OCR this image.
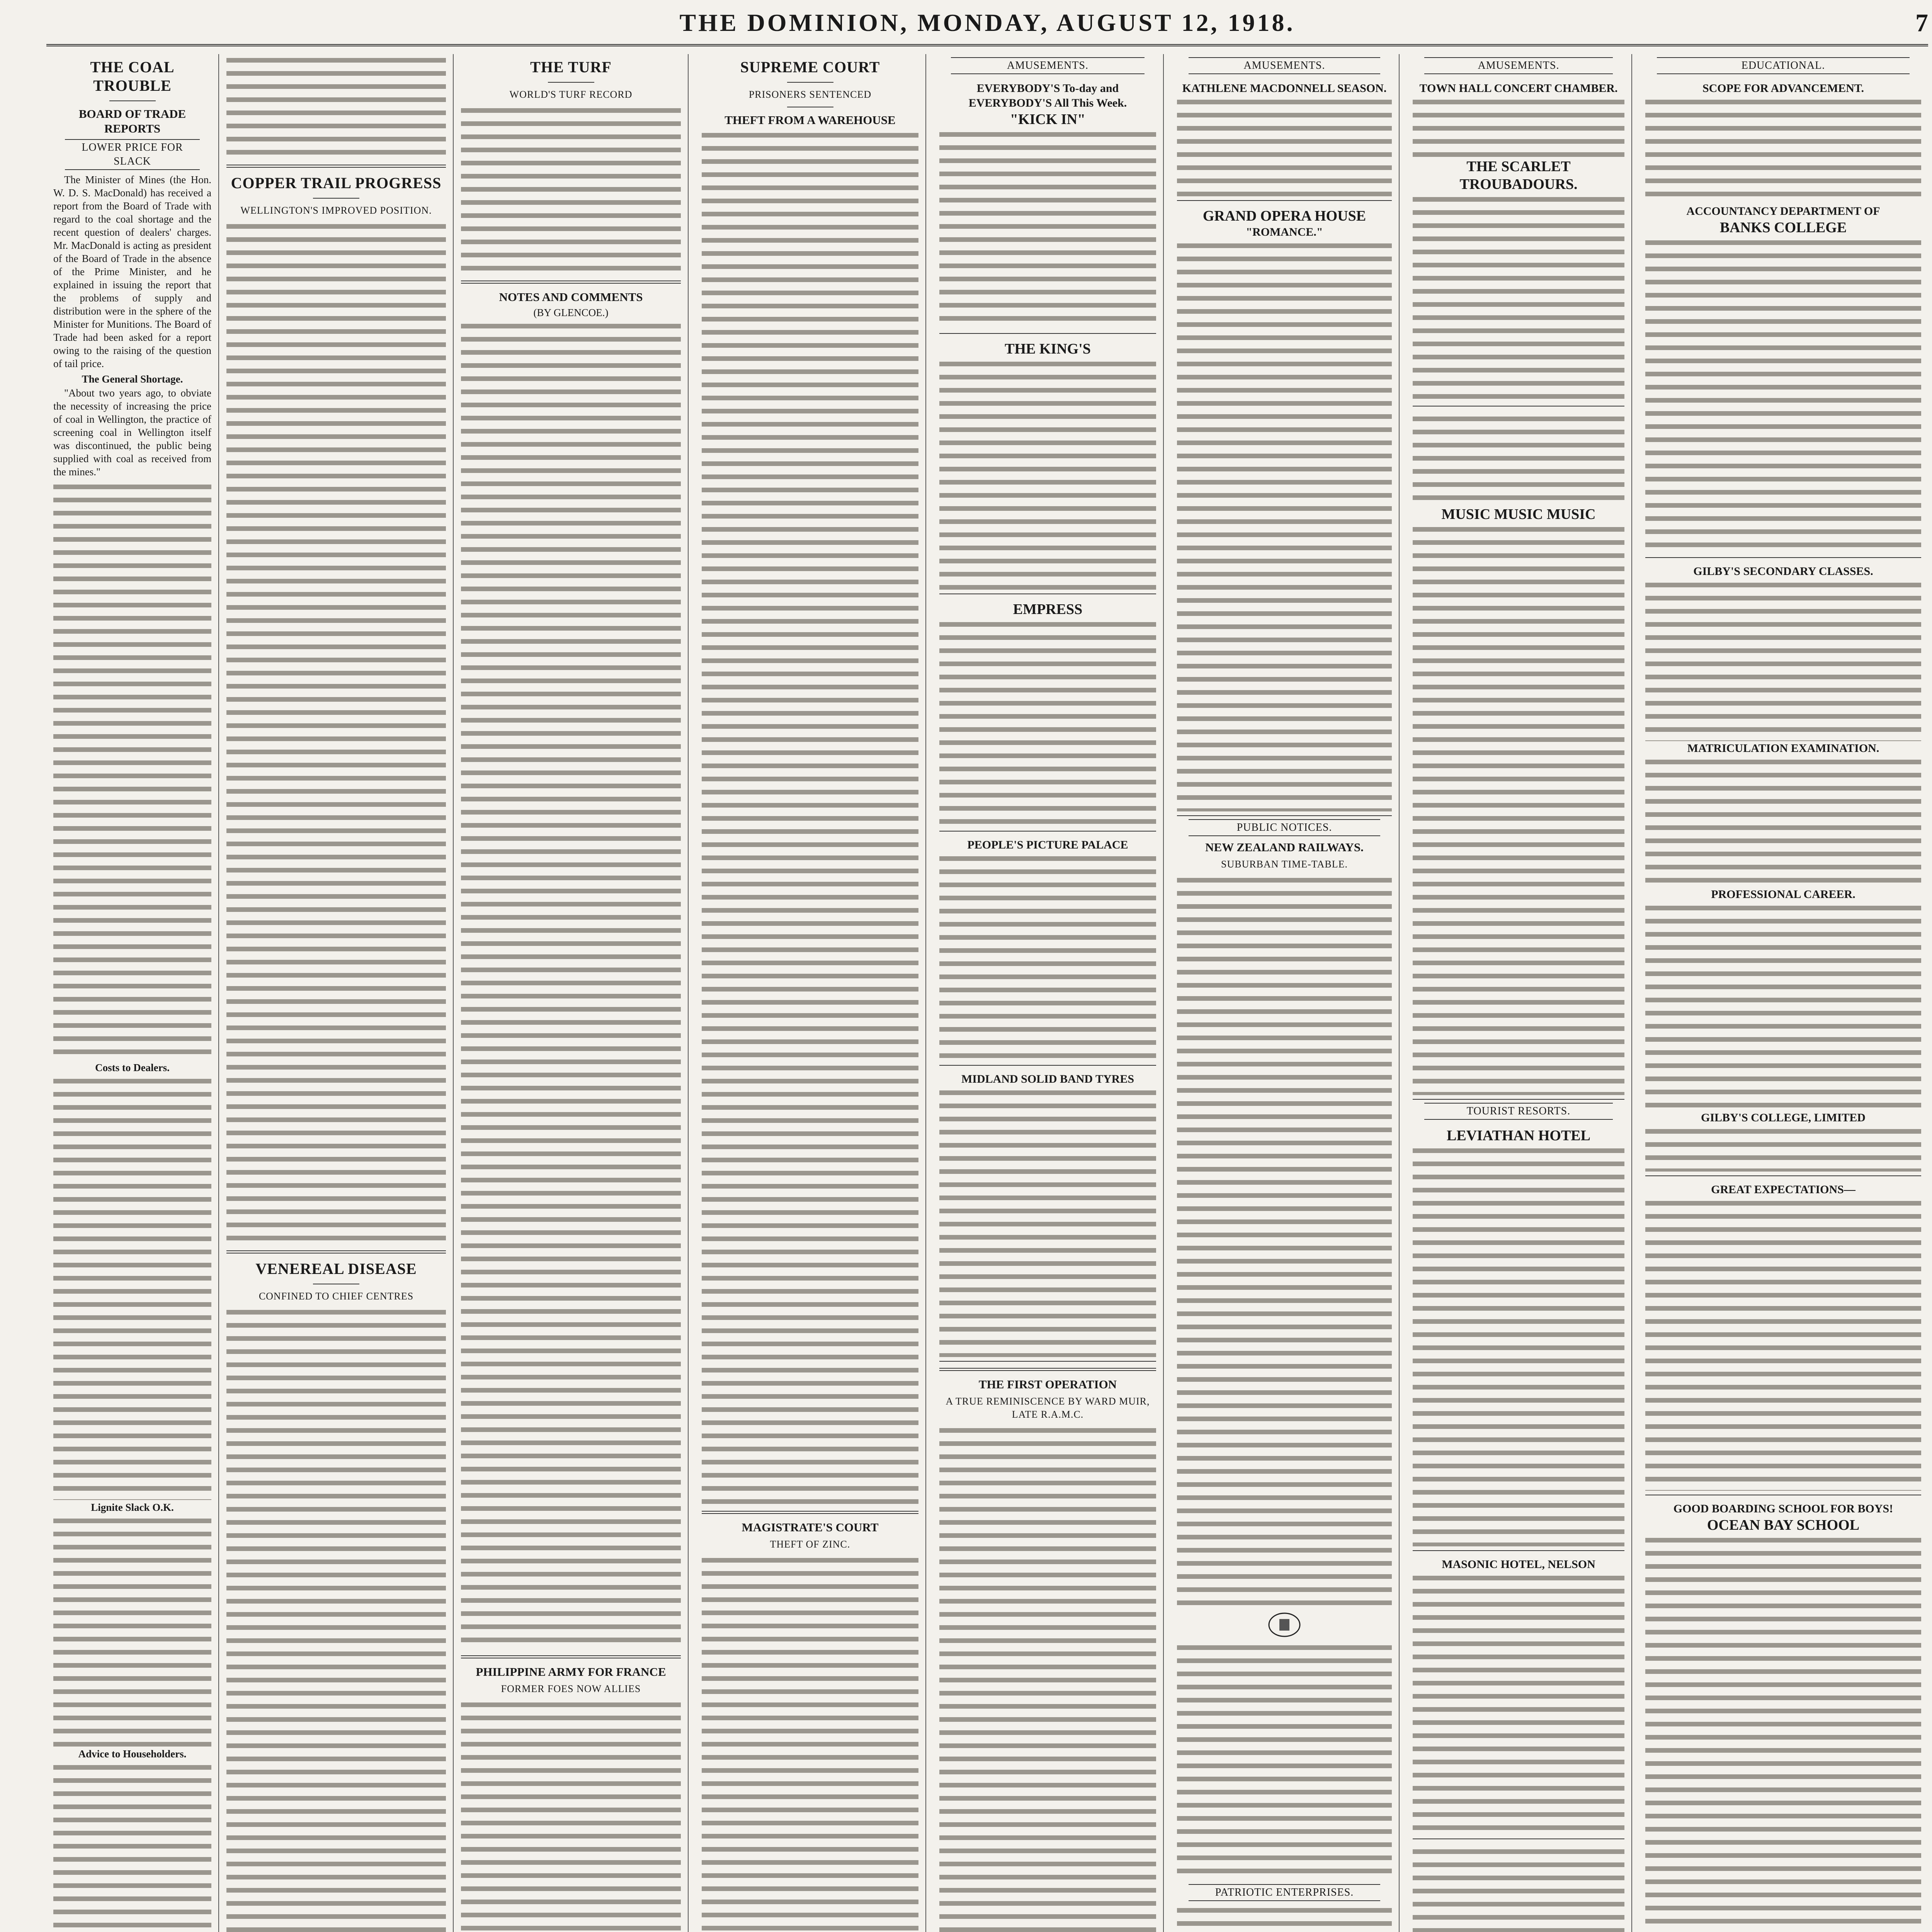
THE DOMINION, MONDAY, AUGUST 12, 1918.	7
THE COAL TROUBLE
BOARD OF TRADE REPORTS
LOWER PRICE FOR SLACK

The Minister of Mines (the Hon. W. D. S. MacDonald) has received a report from the Board of Trade with regard to the coal shortage and the recent question of dealers' charges. Mr. MacDonald is acting as president of the Board of Trade in the absence of the Prime Minister, and he explained in issuing the report that the problems of supply and distribution were in the sphere of the Minister for Munitions. The Board of Trade had been asked for a report owing to the raising of the question of tail price.

The General Shortage.

"About two years ago, to obviate the necessity of increasing the price of coal in Wellington, the practice of screening coal in Wellington itself was discontinued, the public being supplied with coal as received from the mines."

Costs to Dealers.
Lignite Slack O.K.
Advice to Householders.
COPPER TRAIL PROGRESS
WELLINGTON'S IMPROVED POSITION.
VENEREAL DISEASE
CONFINED TO CHIEF CENTRES

THE TURF
WORLD'S TURF RECORD
NOTES AND COMMENTS
(BY GLENCOE.)
PHILIPPINE ARMY FOR FRANCE
FORMER FOES NOW ALLIES
SUPREME COURT
PRISONERS SENTENCED
THEFT FROM A WAREHOUSE
MAGISTRATE'S COURT
THEFT OF ZINC.
AMUSEMENTS.
EVERYBODY'S To-day and EVERYBODY'S All This Week.
"KICK IN"
THE KING'S
EMPRESS
PEOPLE'S PICTURE PALACE
MIDLAND SOLID BAND TYRES
THE FIRST OPERATION
A TRUE REMINISCENCE BY WARD MUIR, LATE R.A.M.C.
AMUSEMENTS.
KATHLENE MACDONNELL SEASON.
GRAND OPERA HOUSE
"ROMANCE."
PUBLIC NOTICES.
NEW ZEALAND RAILWAYS.
SUBURBAN TIME-TABLE.
PATRIOTIC ENTERPRISES.
AMUSEMENTS.
TOWN HALL CONCERT CHAMBER.
THE SCARLET TROUBADOURS.
MUSIC MUSIC MUSIC
TOURIST RESORTS.
LEVIATHAN HOTEL
MASONIC HOTEL, NELSON
EDUCATIONAL.
SCOPE FOR ADVANCEMENT.
ACCOUNTANCY DEPARTMENT OF
BANKS COLLEGE
GILBY'S SECONDARY CLASSES.
MATRICULATION EXAMINATION.
PROFESSIONAL CAREER.
GILBY'S COLLEGE, LIMITED
GREAT EXPECTATIONS—
GOOD BOARDING SCHOOL FOR BOYS!
OCEAN BAY SCHOOL
